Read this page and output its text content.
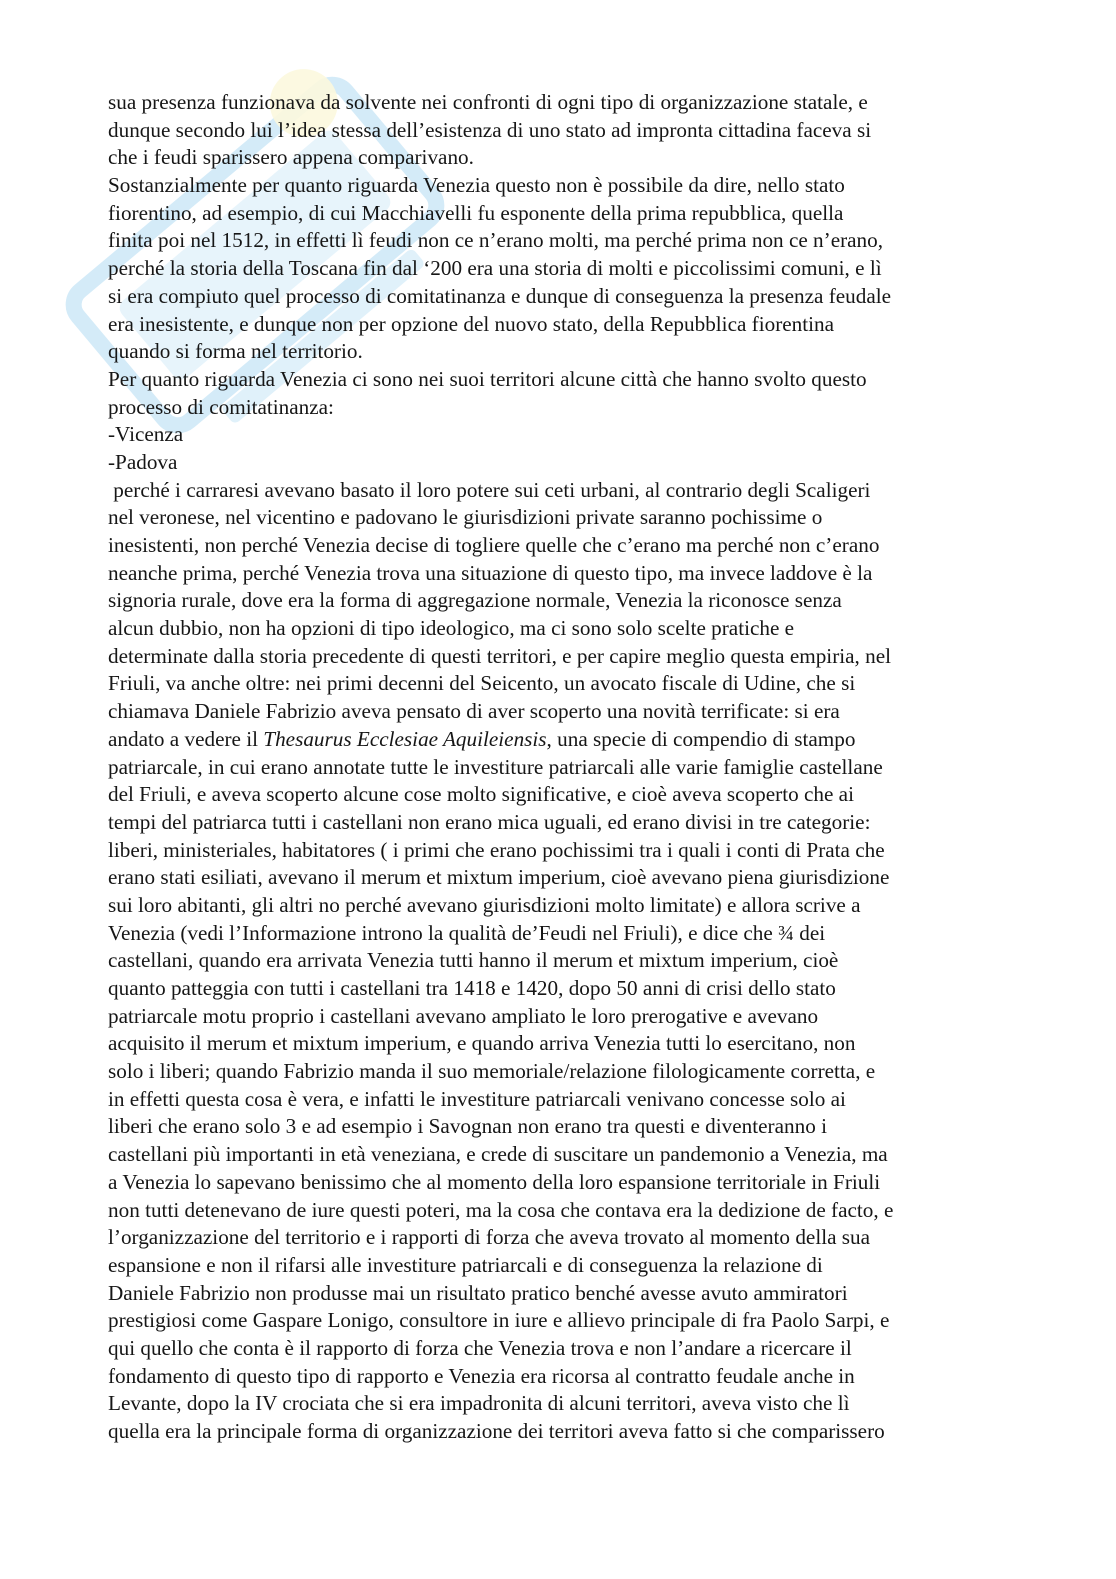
sua presenza funzionava da solvente nei confronti di ogni tipo di organizzazione statale, e
dunque secondo lui l’idea stessa dell’esistenza di uno stato ad impronta cittadina faceva si
che i feudi sparissero appena comparivano.
Sostanzialmente per quanto riguarda Venezia questo non è possibile da dire, nello stato
fiorentino, ad esempio, di cui Macchiavelli fu esponente della prima repubblica, quella
finita poi nel 1512, in effetti lì feudi non ce n’erano molti, ma perché prima non ce n’erano,
perché la storia della Toscana fin dal ‘200 era una storia di molti e piccolissimi comuni, e lì
si era compiuto quel processo di comitatinanza e dunque di conseguenza la presenza feudale
era inesistente, e dunque non per opzione del nuovo stato, della Repubblica fiorentina
quando si forma nel territorio.
Per quanto riguarda Venezia ci sono nei suoi territori alcune città che hanno svolto questo
processo di comitatinanza:
-Vicenza
-Padova
perché i carraresi avevano basato il loro potere sui ceti urbani, al contrario degli Scaligeri
nel veronese, nel vicentino e padovano le giurisdizioni private saranno pochissime o
inesistenti, non perché Venezia decise di togliere quelle che c’erano ma perché non c’erano
neanche prima, perché Venezia trova una situazione di questo tipo, ma invece laddove è la
signoria rurale, dove era la forma di aggregazione normale, Venezia la riconosce senza
alcun dubbio, non ha opzioni di tipo ideologico, ma ci sono solo scelte pratiche e
determinate dalla storia precedente di questi territori, e per capire meglio questa empiria, nel
Friuli, va anche oltre: nei primi decenni del Seicento, un avocato fiscale di Udine, che si
chiamava Daniele Fabrizio aveva pensato di aver scoperto una novità terrificate: si era
andato a vedere il Thesaurus Ecclesiae Aquileiensis, una specie di compendio di stampo
patriarcale, in cui erano annotate tutte le investiture patriarcali alle varie famiglie castellane
del Friuli, e aveva scoperto alcune cose molto significative, e cioè aveva scoperto che ai
tempi del patriarca tutti i castellani non erano mica uguali, ed erano divisi in tre categorie:
liberi, ministeriales, habitatores ( i primi che erano pochissimi tra i quali i conti di Prata che
erano stati esiliati, avevano il merum et mixtum imperium, cioè avevano piena giurisdizione
sui loro abitanti, gli altri no perché avevano giurisdizioni molto limitate) e allora scrive a
Venezia (vedi l’Informazione introno la qualità de’Feudi nel Friuli), e dice che ¾ dei
castellani, quando era arrivata Venezia tutti hanno il merum et mixtum imperium, cioè
quanto patteggia con tutti i castellani tra 1418 e 1420, dopo 50 anni di crisi dello stato
patriarcale motu proprio i castellani avevano ampliato le loro prerogative e avevano
acquisito il merum et mixtum imperium, e quando arriva Venezia tutti lo esercitano, non
solo i liberi; quando Fabrizio manda il suo memoriale/relazione filologicamente corretta, e
in effetti questa cosa è vera, e infatti le investiture patriarcali venivano concesse solo ai
liberi che erano solo 3 e ad esempio i Savognan non erano tra questi e diventeranno i
castellani più importanti in età veneziana, e crede di suscitare un pandemonio a Venezia, ma
a Venezia lo sapevano benissimo che al momento della loro espansione territoriale in Friuli
non tutti detenevano de iure questi poteri, ma la cosa che contava era la dedizione de facto, e
l’organizzazione del territorio e i rapporti di forza che aveva trovato al momento della sua
espansione e non il rifarsi alle investiture patriarcali e di conseguenza la relazione di
Daniele Fabrizio non produsse mai un risultato pratico benché avesse avuto ammiratori
prestigiosi come Gaspare Lonigo, consultore in iure e allievo principale di fra Paolo Sarpi, e
qui quello che conta è il rapporto di forza che Venezia trova e non l’andare a ricercare il
fondamento di questo tipo di rapporto e Venezia era ricorsa al contratto feudale anche in
Levante, dopo la IV crociata che si era impadronita di alcuni territori, aveva visto che lì
quella era la principale forma di organizzazione dei territori aveva fatto si che comparissero
